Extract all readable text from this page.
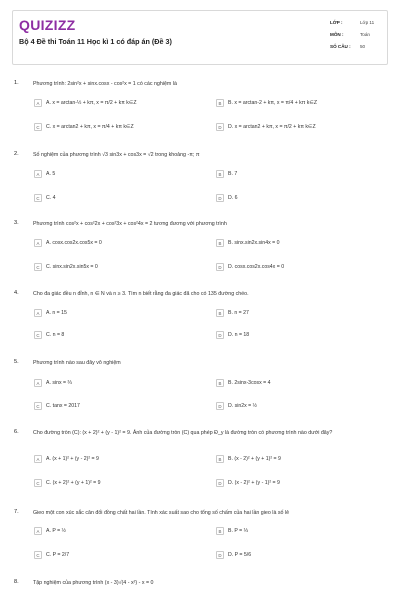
QUIZIZZ
Bộ 4 Đề thi Toán 11 Học kì 1 có đáp án (Đề 3)
LỚP :	Lớp 11
MÔN :	Toán
SỐ CÂU :	50
1.	Phương trình: 2sin²x + sinx.cosx - cos²x = 1 có các nghiệm là
A	A. x = arctan-½ + kπ, x = π/2 + kπ k∈Z	B	B. x = arctan-2 + kπ, x = π/4 + kπ k∈Z
C	C. x = arctan2 + kπ, x = π/4 + kπ k∈Z	D	D. x = arctan2 + kπ, x = π/2 + kπ k∈Z
2.	Số nghiệm của phương trình √3 sin3x + cos3x = √2 trong khoảng -π; π
A	A. 5	B	B. 7
C	C. 4	D	D. 6
3.	Phương trình cos²x + cos²2x + cos²3x + cos²4x = 2 tương đương với phương trình
A	A. cosx.cos2x.cos5x = 0	B	B. sinx.sin2x.sin4x = 0
C	C. sinx.sin2x.sin5x = 0	D	D. cosx.cos2x.cos4x = 0
4.	Cho đa giác đều n đỉnh, n ∈ N và n ≥ 3. Tìm n biết rằng đa giác đã cho có 135 đường chéo.
A	A. n = 15	B	B. n = 27
C	C. n = 8	D	D. n = 18
5.	Phương trình nào sau đây vô nghiệm
A	A. sinx = ⅔	B	B. 2sinx-3cosx = 4
C	C. tanx = 2017	D	D. sin2x = ½
6.	Cho đường tròn (C): (x + 2)² + (y - 1)² = 9. Ảnh của đường tròn (C) qua phép Đ_y là đường tròn có phương trình nào dưới đây?
A	A. (x + 1)² + (y - 2)² = 9	B	B. (x - 2)² + (y + 1)² = 9
C	C. (x + 2)² + (y + 1)² = 9	D	D. (x - 2)² + (y - 1)² = 9
7.	Gieo một con xúc sắc cân đối đồng chất hai lần. Tính xác suất sao cho tổng số chấm của hai lần gieo là số lẻ
A	A. P = ½	B	B. P = ⅓
C	C. P = 2/7	D	D. P = 5/6
8.	Tập nghiệm của phương trình (x - 3)√(4 - x²) - x = 0
